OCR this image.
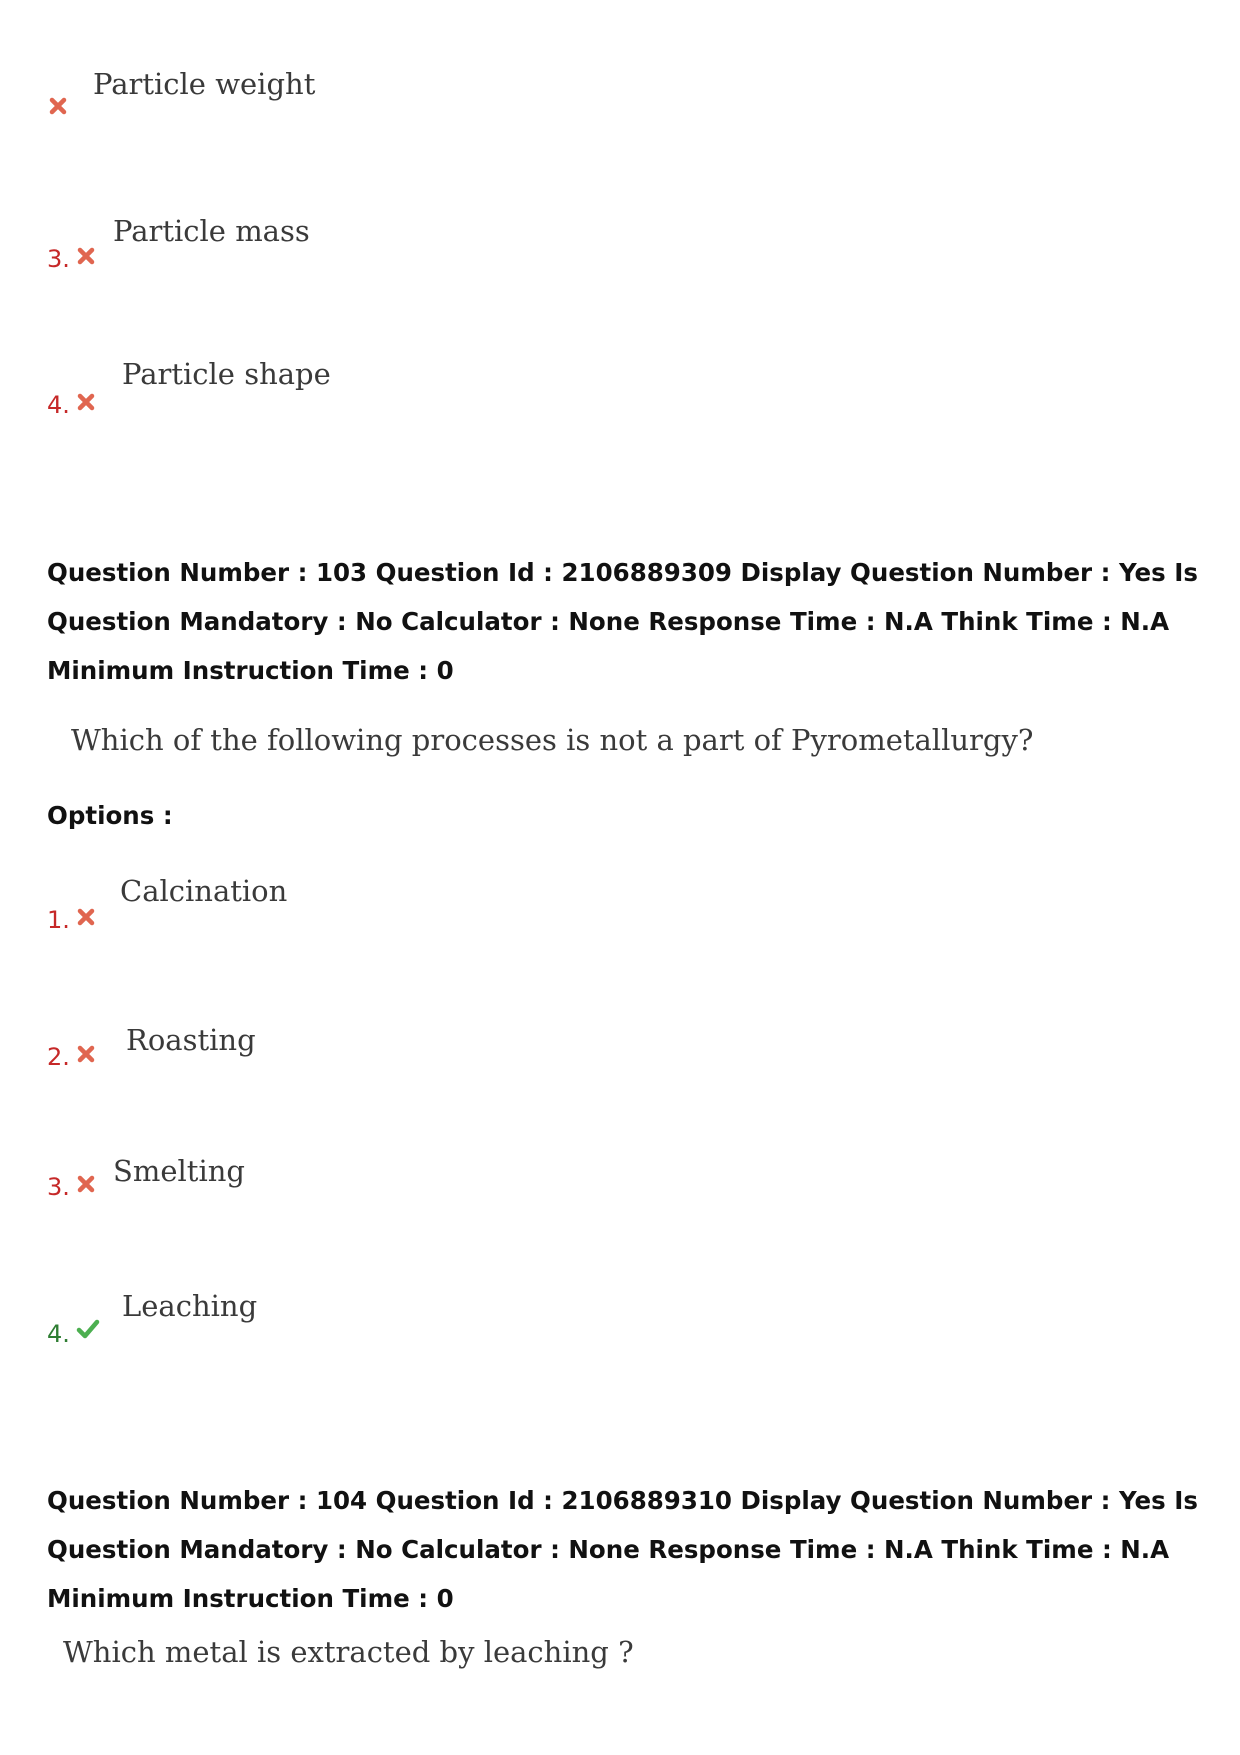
Particle weight
3.
Particle mass
4.
Particle shape
Question Number : 103 Question Id : 2106889309 Display Question Number : Yes Is Question Mandatory : No Calculator : None Response Time : N.A Think Time : N.A Minimum Instruction Time : 0
Which of the following processes is not a part of Pyrometallurgy?
Options :
1.
Calcination
2. Roasting
3. Smelting
4.
Leaching
Question Number : 104 Question Id : 2106889310 Display Question Number : Yes Is Question Mandatory : No Calculator : None Response Time : N.A Think Time : N.A Minimum Instruction Time : 0
Which metal is extracted by leaching ?
